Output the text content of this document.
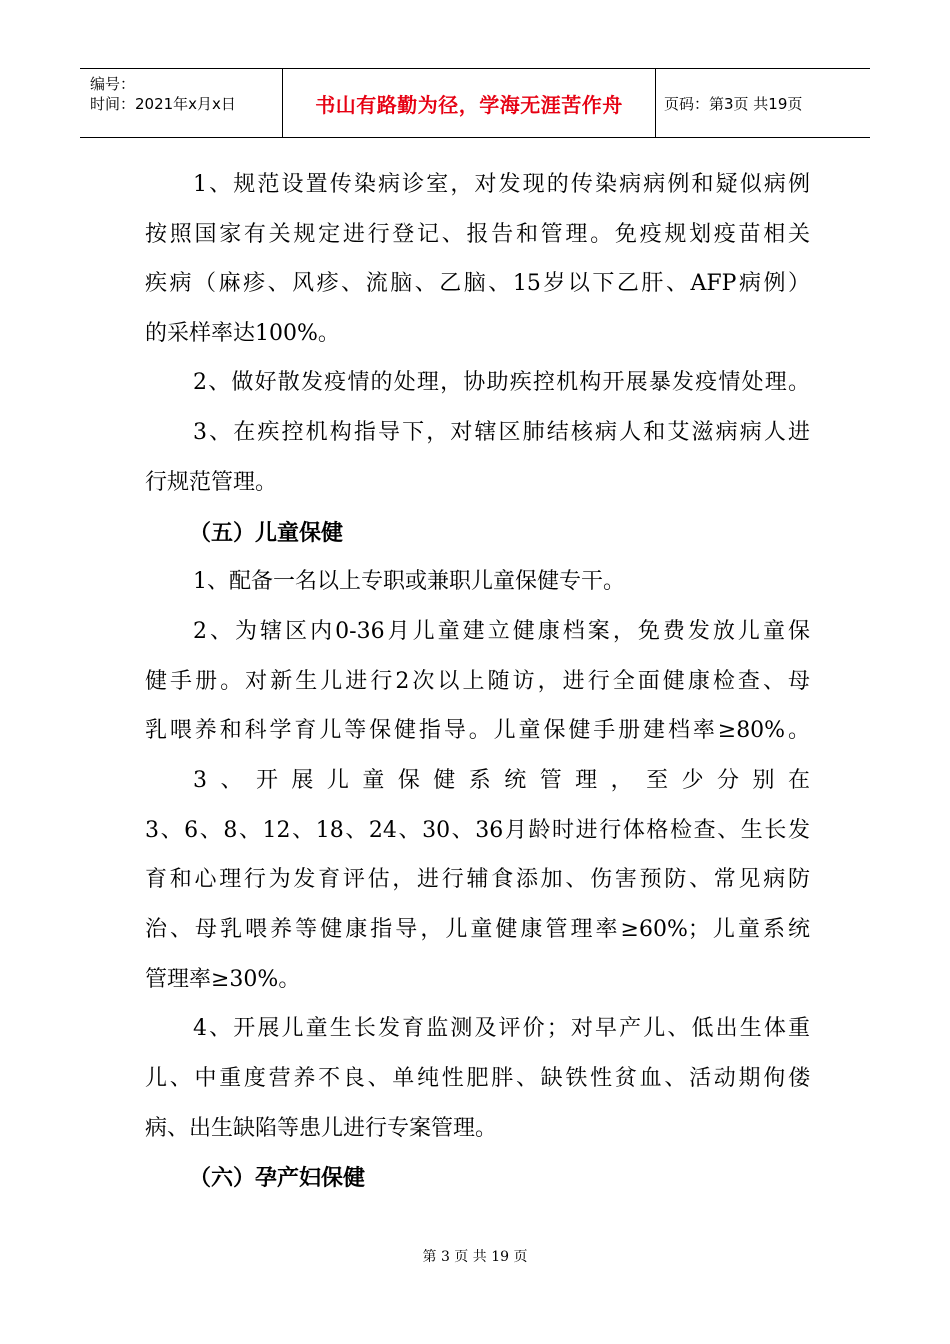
编号：
时间：2021年x月x日	书山有路勤为径，学海无涯苦作舟	页码：第3页 共19页
1、规范设置传染病诊室，对发现的传染病病例和疑似病例
按照国家有关规定进行登记、报告和管理。免疫规划疫苗相关
疾病（麻疹、风疹、流脑、乙脑、15岁以下乙肝、AFP病例）
的采样率达100%。
2、做好散发疫情的处理，协助疾控机构开展暴发疫情处理。
3、在疾控机构指导下，对辖区肺结核病人和艾滋病病人进
行规范管理。
（五）儿童保健
1、配备一名以上专职或兼职儿童保健专干。
2、为辖区内0-36月儿童建立健康档案，免费发放儿童保
健手册。对新生儿进行2次以上随访，进行全面健康检查、母
乳喂养和科学育儿等保健指导。儿童保健手册建档率≥80%。
3、开展儿童保健系统管理，至少分别在
3、6、8、12、18、24、30、36月龄时进行体格检查、生长发
育和心理行为发育评估，进行辅食添加、伤害预防、常见病防
治、母乳喂养等健康指导，儿童健康管理率≥60%；儿童系统
管理率≥30%。
4、开展儿童生长发育监测及评价；对早产儿、低出生体重
儿、中重度营养不良、单纯性肥胖、缺铁性贫血、活动期佝偻
病、出生缺陷等患儿进行专案管理。
（六）孕产妇保健
第 3 页 共 19 页
